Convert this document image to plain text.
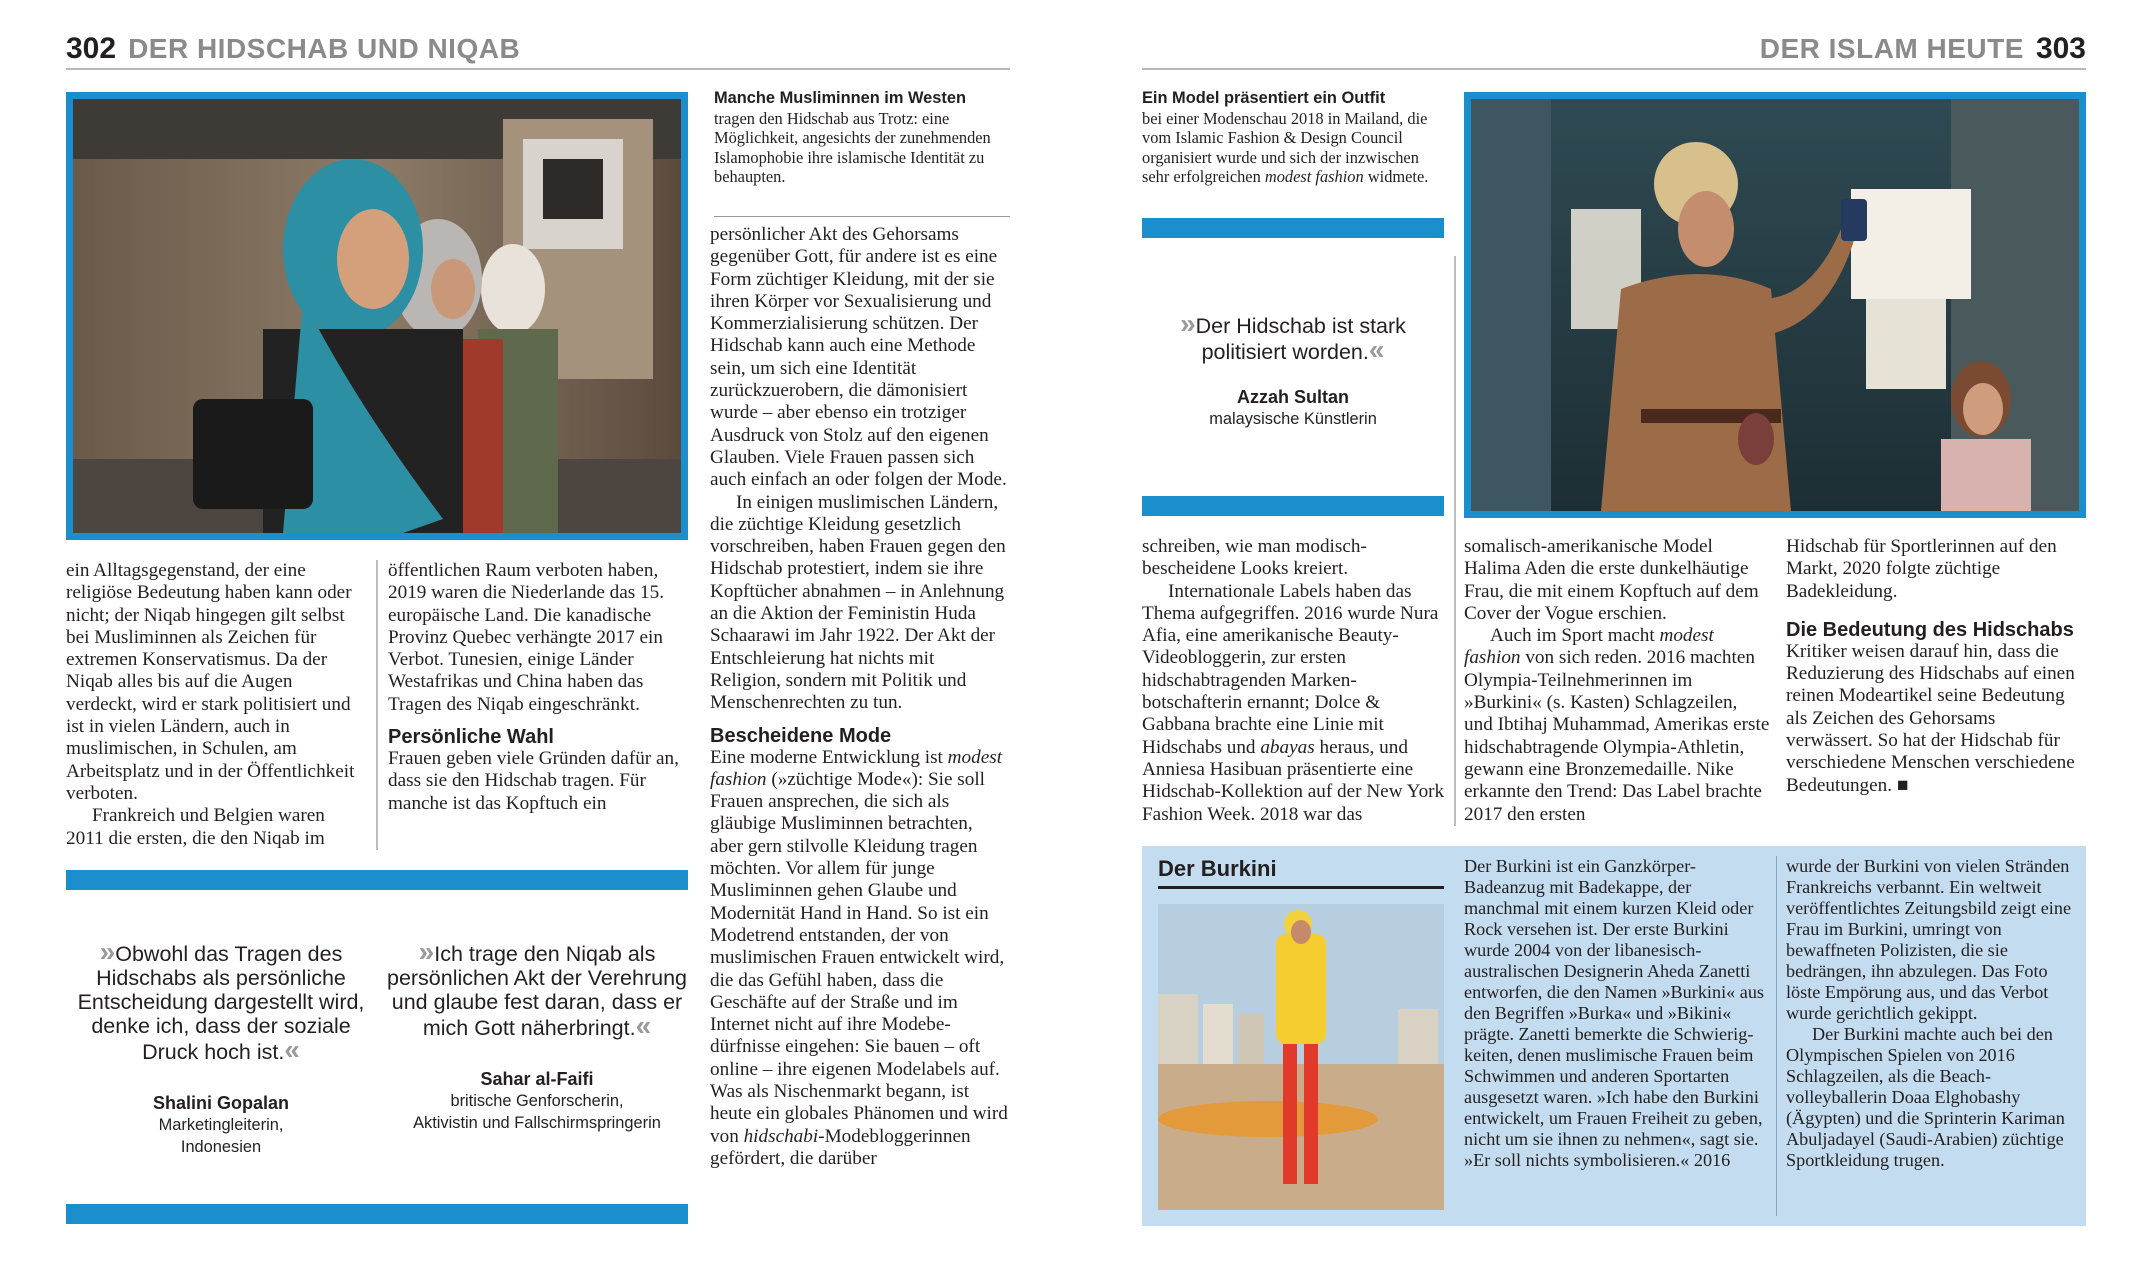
302 DER HIDSCHAB UND NIQAB	DER ISLAM HEUTE 303
Manche Musliminnen im Westen
tragen den Hidschab aus Trotz: eine Möglichkeit, angesichts der zunehmenden Islamophobie ihre islamische Identität zu behaupten.

ein Alltagsgegenstand, der eine religiöse Bedeutung haben kann oder nicht; der Niqab hingegen gilt selbst bei Musliminnen als Zeichen für extremen Konservatismus. Da der Niqab alles bis auf die Augen verdeckt, wird er stark politisiert und ist in vielen Ländern, auch in muslimischen, in Schulen, am Arbeitsplatz und in der Öffentlichkeit verboten.

Frankreich und Belgien waren 2011 die ersten, die den Niqab im

öffentlichen Raum verboten haben, 2019 waren die Niederlande das 15. europäische Land. Die kanadische Provinz Quebec verhängte 2017 ein Verbot. Tunesien, einige Länder Westafrikas und China haben das Tragen des Niqab eingeschränkt.

Persönliche Wahl

Frauen geben viele Gründen dafür an, dass sie den Hidschab tragen. Für manche ist das Kopftuch ein

»Obwohl das Tragen des Hidschabs als persönliche Entscheidung dargestellt wird, denke ich, dass der soziale Druck hoch ist.«
Shalini Gopalan
Marketingleiterin,
Indonesien
»Ich trage den Niqab als persönlichen Akt der Verehrung und glaube fest daran, dass er mich Gott näherbringt.«
Sahar al-Faifi
britische Genforscherin,
Aktivistin und Fallschirmspringerin

persönlicher Akt des Gehorsams gegenüber Gott, für andere ist es eine Form züchtiger Kleidung, mit der sie ihren Körper vor Sexualisierung und Kommerzialisierung schützen. Der Hidschab kann auch eine Methode sein, um sich eine Identität zurückzuerobern, die dämonisiert wurde – aber ebenso ein trotziger Ausdruck von Stolz auf den eigenen Glauben. Viele Frauen passen sich auch einfach an oder folgen der Mode.

In einigen muslimischen Ländern, die züchtige Kleidung gesetzlich vorschreiben, haben Frauen gegen den Hidschab protestiert, indem sie ihre Kopftücher abnahmen – in Anlehnung an die Aktion der Feministin Huda Schaarawi im Jahr 1922. Der Akt der Entschleierung hat nichts mit Religion, sondern mit Politik und Menschenrechten zu tun.

Bescheidene Mode

Eine moderne Entwicklung ist modest fashion (»züchtige Mode«): Sie soll Frauen ansprechen, die sich als gläubige Musliminnen betrachten, aber gern stilvolle Kleidung tragen möchten. Vor allem für junge Musliminnen gehen Glaube und Modernität Hand in Hand. So ist ein Modetrend entstanden, der von muslimischen Frauen entwickelt wird, die das Gefühl haben, dass die Geschäfte auf der Straße und im Internet nicht auf ihre Modebedürfnisse eingehen: Sie bauen – oft online – ihre eigenen Modelabels auf. Was als Nischenmarkt begann, ist heute ein globales Phänomen und wird von hidschabi-Modebloggerinnen gefördert, die darüber

Ein Model präsentiert ein Outfit
bei einer Modenschau 2018 in Mailand, die vom Islamic Fashion & Design Council organisiert wurde und sich der inzwischen sehr erfolgreichen modest fashion widmete.
»Der Hidschab ist stark politisiert worden.«
Azzah Sultan
malaysische Künstlerin

schreiben, wie man modisch-bescheidene Looks kreiert.

Internationale Labels haben das Thema aufgegriffen. 2016 wurde Nura Afia, eine amerikanische Beauty-Videobloggerin, zur ersten hidschabtragenden Markenbotschafterin ernannt; Dolce & Gabbana brachte eine Linie mit Hidschabs und abayas heraus, und Anniesa Hasibuan präsentierte eine Hidschab-Kollektion auf der New York Fashion Week. 2018 war das

somalisch-amerikanische Model Halima Aden die erste dunkelhäutige Frau, die mit einem Kopftuch auf dem Cover der Vogue erschien.

Auch im Sport macht modest fashion von sich reden. 2016 machten Olympia-Teilnehmerinnen im »Burkini« (s. Kasten) Schlagzeilen, und Ibtihaj Muhammad, Amerikas erste hidschabtragende Olympia-Athletin, gewann eine Bronzemedaille. Nike erkannte den Trend: Das Label brachte 2017 den ersten

Hidschab für Sportlerinnen auf den Markt, 2020 folgte züchtige Badekleidung.

Die Bedeutung des Hidschabs

Kritiker weisen darauf hin, dass die Reduzierung des Hidschabs auf einen reinen Modeartikel seine Bedeutung als Zeichen des Gehorsams verwässert. So hat der Hidschab für verschiedene Menschen verschiedene Bedeutungen. ■

Der Burkini	Der Burkini ist ein Ganzkörper-Badeanzug mit Badekappe, der manchmal mit einem kurzen Kleid oder Rock versehen ist. Der erste Burkini wurde 2004 von der libanesisch-australischen Designerin Aheda Zanetti entworfen, die den Namen »Burkini« aus den Begriffen »Burka« und »Bikini« prägte. Zanetti bemerkte die Schwierigkeiten, denen muslimische Frauen beim Schwimmen und anderen Sportarten ausgesetzt waren. »Ich habe den Burkini entwickelt, um Frauen Freiheit zu geben, nicht um sie ihnen zu nehmen«, sagt sie. »Er soll nichts symbolisieren.« 2016
wurde der Burkini von vielen Stränden Frankreichs verbannt. Ein weltweit veröffentlichtes Zeitungsbild zeigt eine Frau im Burkini, umringt von bewaffneten Polizisten, die sie bedrängen, ihn abzulegen. Das Foto löste Empörung aus, und das Verbot wurde gerichtlich gekippt.
Der Burkini machte auch bei den Olympischen Spielen von 2016 Schlagzeilen, als die Beachvolleyballerin Doaa Elghobashy (Ägypten) und die Sprinterin Kariman Abuljadayel (Saudi-Arabien) züchtige Sportkleidung trugen.
